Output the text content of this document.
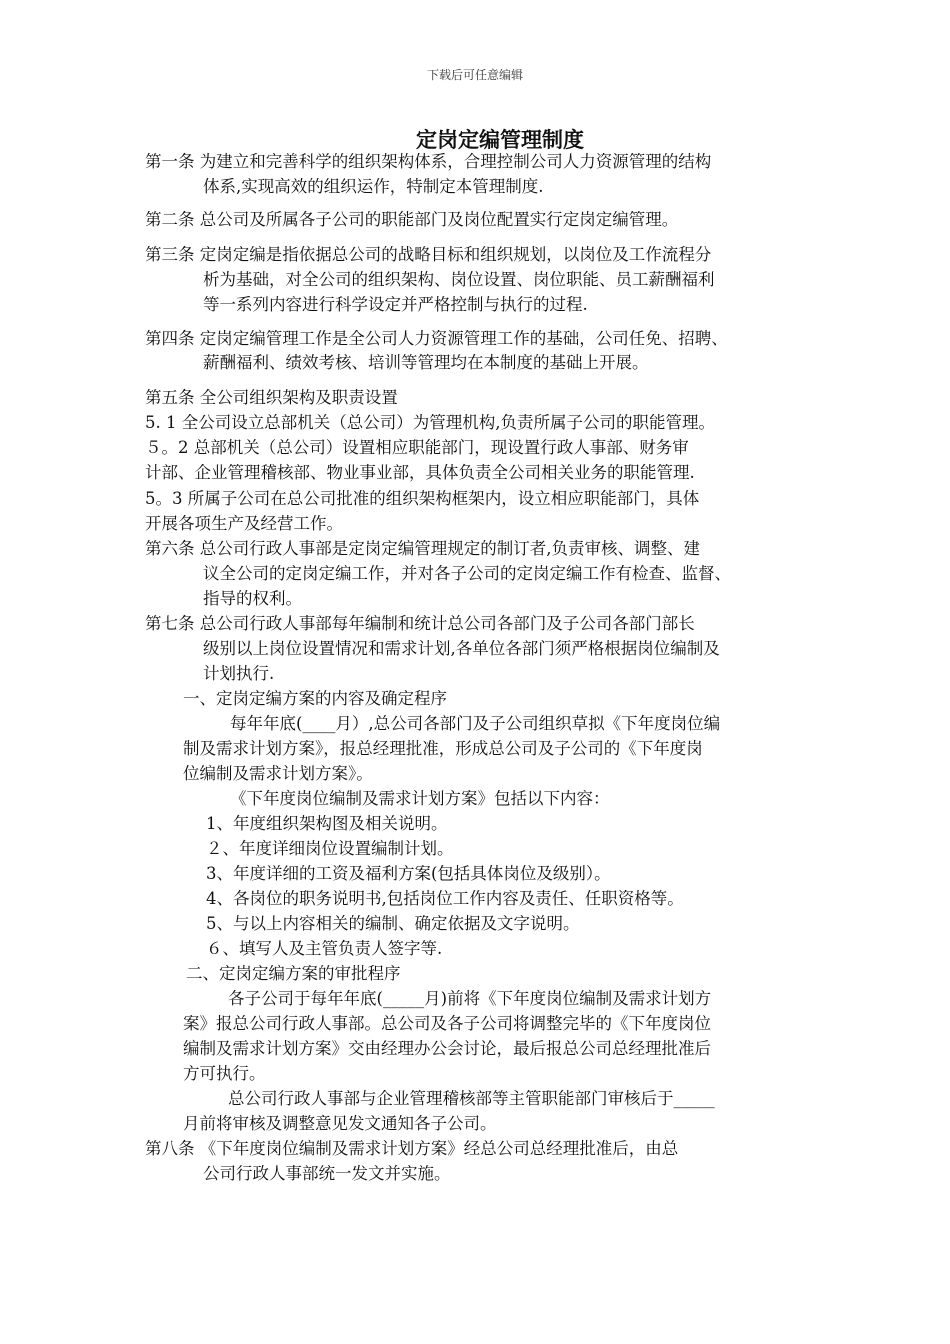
下载后可任意编辑
定岗定编管理制度
第一条 为建立和完善科学的组织架构体系，合理控制公司人力资源管理的结构
体系,实现高效的组织运作，特制定本管理制度.
第二条 总公司及所属各子公司的职能部门及岗位配置实行定岗定编管理。
第三条 定岗定编是指依据总公司的战略目标和组织规划，以岗位及工作流程分
析为基础，对全公司的组织架构、岗位设置、岗位职能、员工薪酬福利
等一系列内容进行科学设定并严格控制与执行的过程.
第四条 定岗定编管理工作是全公司人力资源管理工作的基础，公司任免、招聘、
薪酬福利、绩效考核、培训等管理均在本制度的基础上开展。
第五条 全公司组织架构及职责设置
5. 1 全公司设立总部机关（总公司）为管理机构,负责所属子公司的职能管理。
５。2 总部机关（总公司）设置相应职能部门，现设置行政人事部、财务审
计部、企业管理稽核部、物业事业部，具体负责全公司相关业务的职能管理.
5。3 所属子公司在总公司批准的组织架构框架内，设立相应职能部门，具体
开展各项生产及经营工作。
第六条 总公司行政人事部是定岗定编管理规定的制订者,负责审核、调整、建
议全公司的定岗定编工作，并对各子公司的定岗定编工作有检查、监督、
指导的权利。
第七条 总公司行政人事部每年编制和统计总公司各部门及子公司各部门部长
级别以上岗位设置情况和需求计划,各单位各部门须严格根据岗位编制及
计划执行.
一、定岗定编方案的内容及确定程序
每年年底(____月）,总公司各部门及子公司组织草拟《下年度岗位编
制及需求计划方案》，报总经理批准，形成总公司及子公司的《下年度岗
位编制及需求计划方案》。
《下年度岗位编制及需求计划方案》包括以下内容：
1、年度组织架构图及相关说明。
２、年度详细岗位设置编制计划。
3、年度详细的工资及福利方案(包括具体岗位及级别）。
4、各岗位的职务说明书,包括岗位工作内容及责任、任职资格等。
5、与以上内容相关的编制、确定依据及文字说明。
６、填写人及主管负责人签字等.
二、定岗定编方案的审批程序
各子公司于每年年底(_____月)前将《下年度岗位编制及需求计划方
案》报总公司行政人事部。总公司及各子公司将调整完毕的《下年度岗位
编制及需求计划方案》交由经理办公会讨论，最后报总公司总经理批准后
方可执行。
总公司行政人事部与企业管理稽核部等主管职能部门审核后于_____
月前将审核及调整意见发文通知各子公司。
第八条 《下年度岗位编制及需求计划方案》经总公司总经理批准后，由总
公司行政人事部统一发文并实施。
